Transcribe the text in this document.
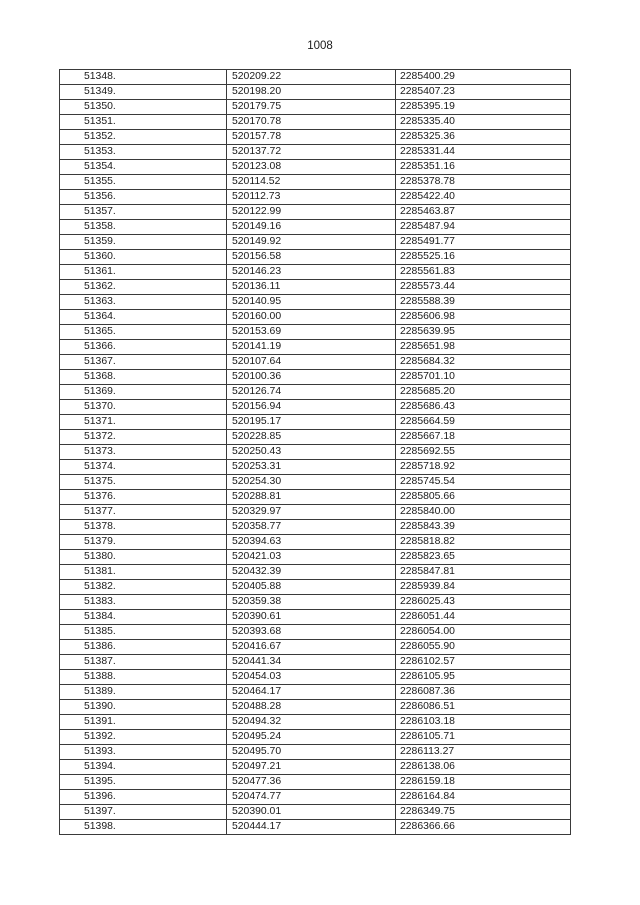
1008
51348.	520209.22	2285400.29
51349.	520198.20	2285407.23
51350.	520179.75	2285395.19
51351.	520170.78	2285335.40
51352.	520157.78	2285325.36
51353.	520137.72	2285331.44
51354.	520123.08	2285351.16
51355.	520114.52	2285378.78
51356.	520112.73	2285422.40
51357.	520122.99	2285463.87
51358.	520149.16	2285487.94
51359.	520149.92	2285491.77
51360.	520156.58	2285525.16
51361.	520146.23	2285561.83
51362.	520136.11	2285573.44
51363.	520140.95	2285588.39
51364.	520160.00	2285606.98
51365.	520153.69	2285639.95
51366.	520141.19	2285651.98
51367.	520107.64	2285684.32
51368.	520100.36	2285701.10
51369.	520126.74	2285685.20
51370.	520156.94	2285686.43
51371.	520195.17	2285664.59
51372.	520228.85	2285667.18
51373.	520250.43	2285692.55
51374.	520253.31	2285718.92
51375.	520254.30	2285745.54
51376.	520288.81	2285805.66
51377.	520329.97	2285840.00
51378.	520358.77	2285843.39
51379.	520394.63	2285818.82
51380.	520421.03	2285823.65
51381.	520432.39	2285847.81
51382.	520405.88	2285939.84
51383.	520359.38	2286025.43
51384.	520390.61	2286051.44
51385.	520393.68	2286054.00
51386.	520416.67	2286055.90
51387.	520441.34	2286102.57
51388.	520454.03	2286105.95
51389.	520464.17	2286087.36
51390.	520488.28	2286086.51
51391.	520494.32	2286103.18
51392.	520495.24	2286105.71
51393.	520495.70	2286113.27
51394.	520497.21	2286138.06
51395.	520477.36	2286159.18
51396.	520474.77	2286164.84
51397.	520390.01	2286349.75
51398.	520444.17	2286366.66
